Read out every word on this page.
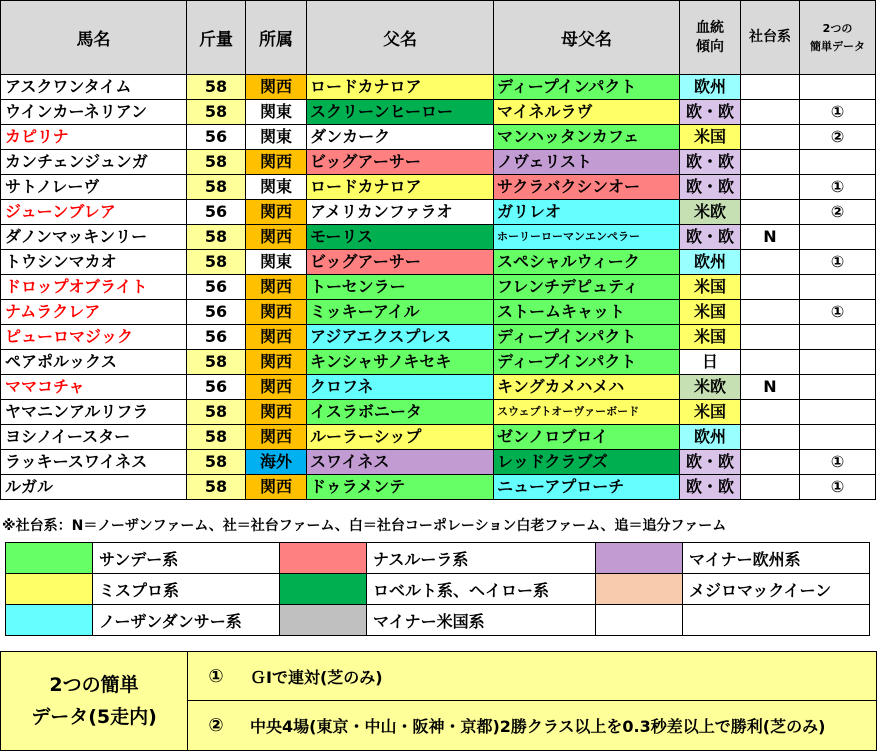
馬名	斤量	所属	父名	母父名	血統
傾向	社台系	2つの
簡単データ
アスクワンタイム	58	関西	ロードカナロア	ディープインパクト	欧州		
ウインカーネリアン	58	関東	スクリーンヒーロー	マイネルラヴ	欧・欧		①
カピリナ	56	関東	ダンカーク	マンハッタンカフェ	米国		②
カンチェンジュンガ	58	関西	ビッグアーサー	ノヴェリスト	欧・欧		
サトノレーヴ	58	関東	ロードカナロア	サクラバクシンオー	欧・欧		①
ジューンブレア	56	関西	アメリカンファラオ	ガリレオ	米欧		②
ダノンマッキンリー	58	関西	モーリス	ホーリーローマンエンペラー	欧・欧	N	
トウシンマカオ	58	関東	ビッグアーサー	スペシャルウィーク	欧州		①
ドロップオブライト	56	関西	トーセンラー	フレンチデピュティ	米国		
ナムラクレア	56	関西	ミッキーアイル	ストームキャット	米国		①
ピューロマジック	56	関西	アジアエクスプレス	ディープインパクト	米国		
ペアポルックス	58	関西	キンシャサノキセキ	ディープインパクト	日		
ママコチャ	56	関西	クロフネ	キングカメハメハ	米欧	N	
ヤマニンアルリフラ	58	関西	イスラボニータ	スウェプトオーヴァーボード	米国		
ヨシノイースター	58	関西	ルーラーシップ	ゼンノロブロイ	欧州		
ラッキースワイネス	58	海外	スワイネス	レッドクラブズ	欧・欧		①
ルガル	58	関西	ドゥラメンテ	ニューアプローチ	欧・欧		①
※社台系：N＝ノーザンファーム、社＝社台ファーム、白＝社台コーポレーション白老ファーム、追＝追分ファーム
	サンデー系		ナスルーラ系		マイナー欧州系
	ミスプロ系		ロベルト系、ヘイロー系		メジロマックイーン
	ノーザンダンサー系		マイナー米国系		
2つの簡単
データ(5走内)
①	ＧⅠで連対(芝のみ)
②	中央4場(東京・中山・阪神・京都)2勝クラス以上を0.3秒差以上で勝利(芝のみ)
